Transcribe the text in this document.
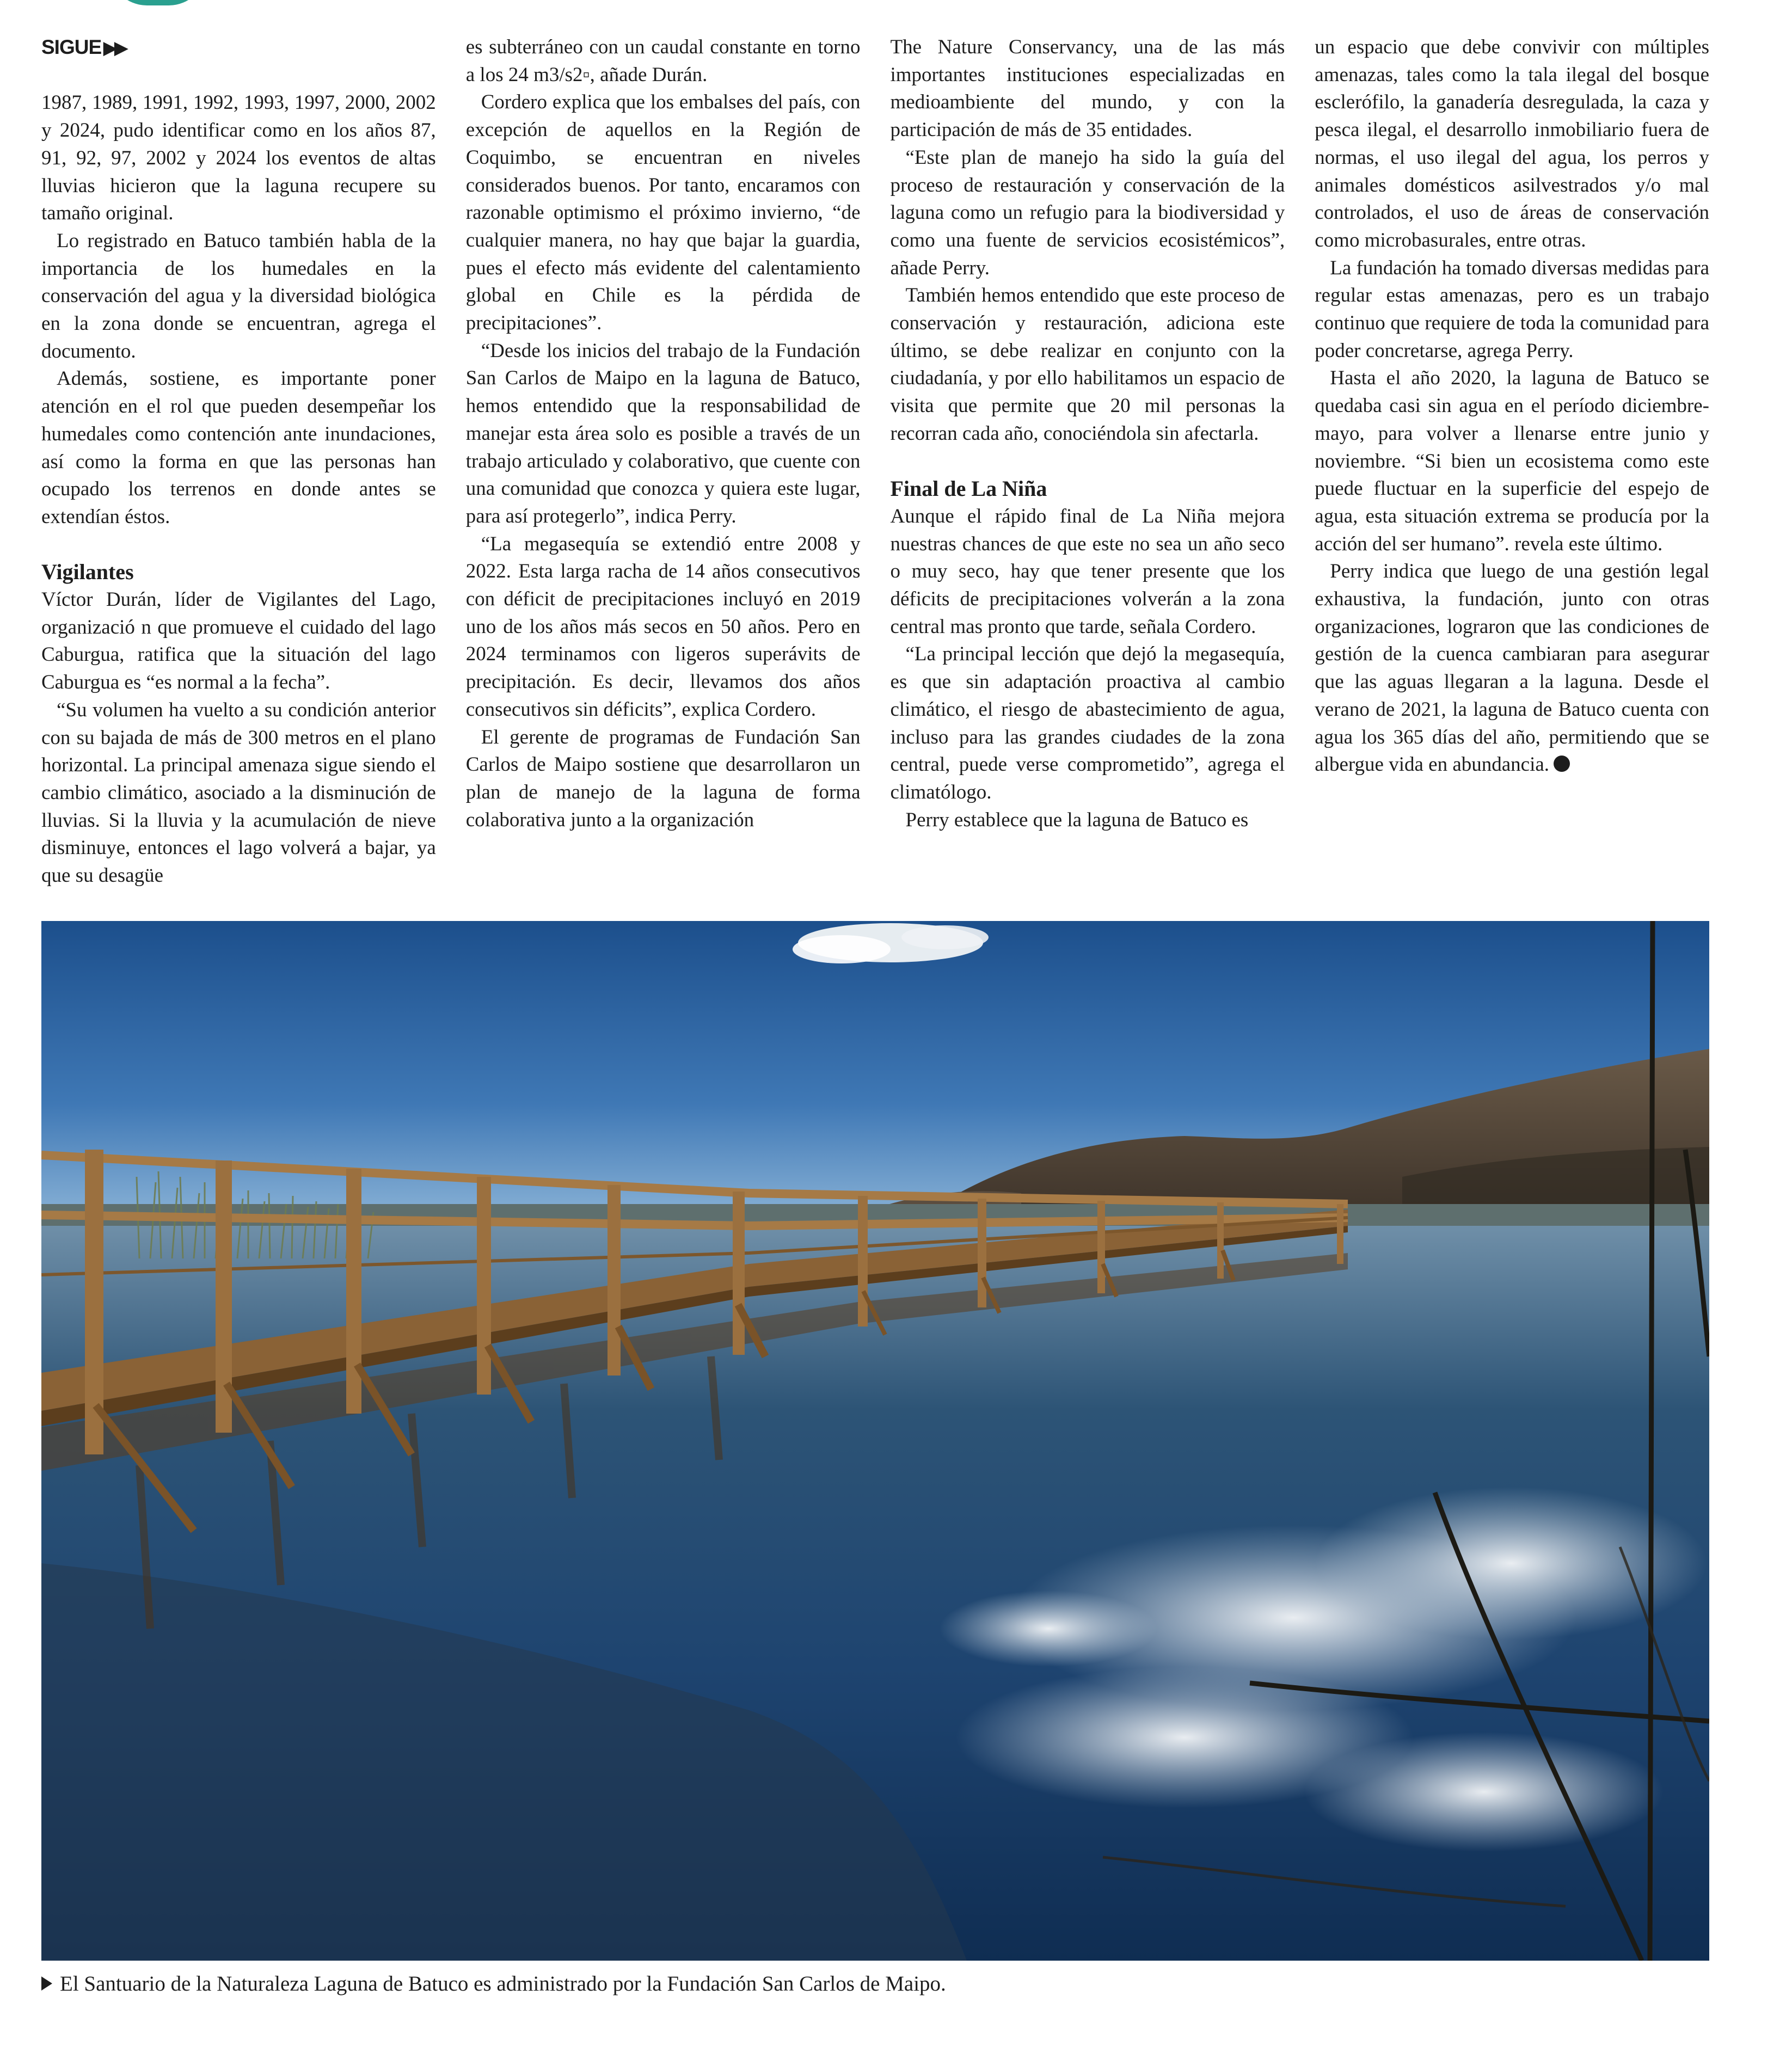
SIGUE ▶▶

1987, 1989, 1991, 1992, 1993, 1997, 2000, 2002 y 2024, pudo identificar como en los años 87, 91, 92, 97, 2002 y 2024 los eventos de altas lluvias hicieron que la laguna recupere su tamaño original.

Lo registrado en Batuco también habla de la importancia de los humedales en la conservación del agua y la diversidad biológica en la zona donde se encuentran, agrega el documento.

Además, sostiene, es importante poner atención en el rol que pueden desempeñar los humedales como contención ante inundaciones, así como la forma en que las personas han ocupado los terrenos en donde antes se extendían éstos.

Vigilantes

Víctor Durán, líder de Vigilantes del Lago, organizació n que promueve el cuidado del lago Caburgua, ratifica que la situación del lago Caburgua es “es normal a la fecha”.

“Su volumen ha vuelto a su condición anterior con su bajada de más de 300 metros en el plano horizontal. La principal amenaza sigue siendo el cambio climático, asociado a la disminución de lluvias. Si la lluvia y la acumulación de nieve disminuye, entonces el lago volverá a bajar, ya que su desagüe

es subterráneo con un caudal constante en torno a los 24 m3/s2▫, añade Durán.

Cordero explica que los embalses del país, con excepción de aquellos en la Región de Coquimbo, se encuentran en niveles considerados buenos. Por tanto, encaramos con razonable optimismo el próximo invierno, “de cualquier manera, no hay que bajar la guardia, pues el efecto más evidente del calentamiento global en Chile es la pérdida de precipitaciones”.

“Desde los inicios del trabajo de la Fundación San Carlos de Maipo en la laguna de Batuco, hemos entendido que la responsabilidad de manejar esta área solo es posible a través de un trabajo articulado y colaborativo, que cuente con una comunidad que conozca y quiera este lugar, para así protegerlo”, indica Perry.

“La megasequía se extendió entre 2008 y 2022. Esta larga racha de 14 años consecutivos con déficit de precipitaciones incluyó en 2019 uno de los años más secos en 50 años. Pero en 2024 terminamos con ligeros superávits de precipitación. Es decir, llevamos dos años consecutivos sin déficits”, explica Cordero.

El gerente de programas de Fundación San Carlos de Maipo sostiene que desarrollaron un plan de manejo de la laguna de forma colaborativa junto a la organización

The Nature Conservancy, una de las más importantes instituciones especializadas en medioambiente del mundo, y con la participación de más de 35 entidades.

“Este plan de manejo ha sido la guía del proceso de restauración y conservación de la laguna como un refugio para la biodiversidad y como una fuente de servicios ecosistémicos”, añade Perry.

También hemos entendido que este proceso de conservación y restauración, adiciona este último, se debe realizar en conjunto con la ciudadanía, y por ello habilitamos un espacio de visita que permite que 20 mil personas la recorran cada año, conociéndola sin afectarla.

Final de La Niña

Aunque el rápido final de La Niña mejora nuestras chances de que este no sea un año seco o muy seco, hay que tener presente que los déficits de precipitaciones volverán a la zona central mas pronto que tarde, señala Cordero.

“La principal lección que dejó la megasequía, es que sin adaptación proactiva al cambio climático, el riesgo de abastecimiento de agua, incluso para las grandes ciudades de la zona central, puede verse comprometido”, agrega el climatólogo.

Perry establece que la laguna de Batuco es

un espacio que debe convivir con múltiples amenazas, tales como la tala ilegal del bosque esclerófilo, la ganadería desregulada, la caza y pesca ilegal, el desarrollo inmobiliario fuera de normas, el uso ilegal del agua, los perros y animales domésticos asilvestrados y/o mal controlados, el uso de áreas de conservación como microbasurales, entre otras.

La fundación ha tomado diversas medidas para regular estas amenazas, pero es un trabajo continuo que requiere de toda la comunidad para poder concretarse, agrega Perry.

Hasta el año 2020, la laguna de Batuco se quedaba casi sin agua en el período diciembre-mayo, para volver a llenarse entre junio y noviembre. “Si bien un ecosistema como este puede fluctuar en la superficie del espejo de agua, esta situación extrema se producía por la acción del ser humano”. revela este último.

Perry indica que luego de una gestión legal exhaustiva, la fundación, junto con otras organizaciones, lograron que las condiciones de gestión de la cuenca cambiaran para asegurar que las aguas llegaran a la laguna. Desde el verano de 2021, la laguna de Batuco cuenta con agua los 365 días del año, permitiendo que se albergue vida en abundancia.

El Santuario de la Naturaleza Laguna de Batuco es administrado por la Fundación San Carlos de Maipo.
